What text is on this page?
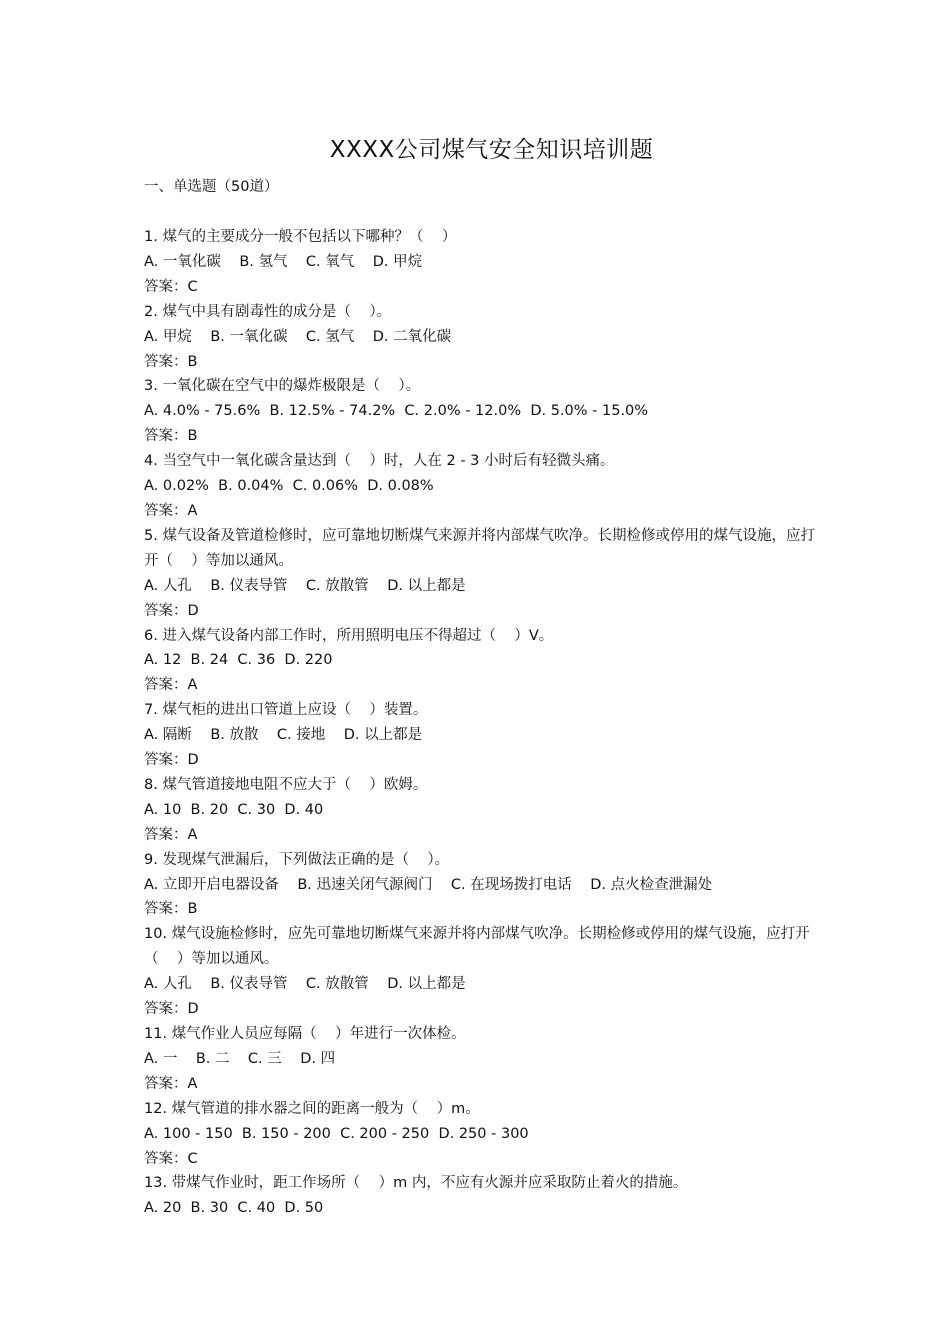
XXXX公司煤气安全知识培训题
一、单选题（50道）
1. 煤气的主要成分一般不包括以下哪种？（    ）
A. 一氧化碳    B. 氢气    C. 氧气    D. 甲烷
答案：C
2. 煤气中具有剧毒性的成分是（    ）。
A. 甲烷    B. 一氧化碳    C. 氢气    D. 二氧化碳
答案：B
3. 一氧化碳在空气中的爆炸极限是（    ）。
A. 4.0% - 75.6%  B. 12.5% - 74.2%  C. 2.0% - 12.0%  D. 5.0% - 15.0%
答案：B
4. 当空气中一氧化碳含量达到（    ）时，人在 2 - 3 小时后有轻微头痛。
A. 0.02%  B. 0.04%  C. 0.06%  D. 0.08%
答案：A
5. 煤气设备及管道检修时，应可靠地切断煤气来源并将内部煤气吹净。长期检修或停用的煤气设施，应打开（    ）等加以通风。
A. 人孔    B. 仪表导管    C. 放散管    D. 以上都是
答案：D
6. 进入煤气设备内部工作时，所用照明电压不得超过（    ）V。
A. 12  B. 24  C. 36  D. 220
答案：A
7. 煤气柜的进出口管道上应设（    ）装置。
A. 隔断    B. 放散    C. 接地    D. 以上都是
答案：D
8. 煤气管道接地电阻不应大于（    ）欧姆。
A. 10  B. 20  C. 30  D. 40
答案：A
9. 发现煤气泄漏后，下列做法正确的是（    ）。
A. 立即开启电器设备    B. 迅速关闭气源阀门    C. 在现场拨打电话    D. 点火检查泄漏处
答案：B
10. 煤气设施检修时，应先可靠地切断煤气来源并将内部煤气吹净。长期检修或停用的煤气设施，应打开（    ）等加以通风。
A. 人孔    B. 仪表导管    C. 放散管    D. 以上都是
答案：D
11. 煤气作业人员应每隔（    ）年进行一次体检。
A. 一    B. 二    C. 三    D. 四
答案：A
12. 煤气管道的排水器之间的距离一般为（    ）m。
A. 100 - 150  B. 150 - 200  C. 200 - 250  D. 250 - 300
答案：C
13. 带煤气作业时，距工作场所（    ）m 内，不应有火源并应采取防止着火的措施。
A. 20  B. 30  C. 40  D. 50
